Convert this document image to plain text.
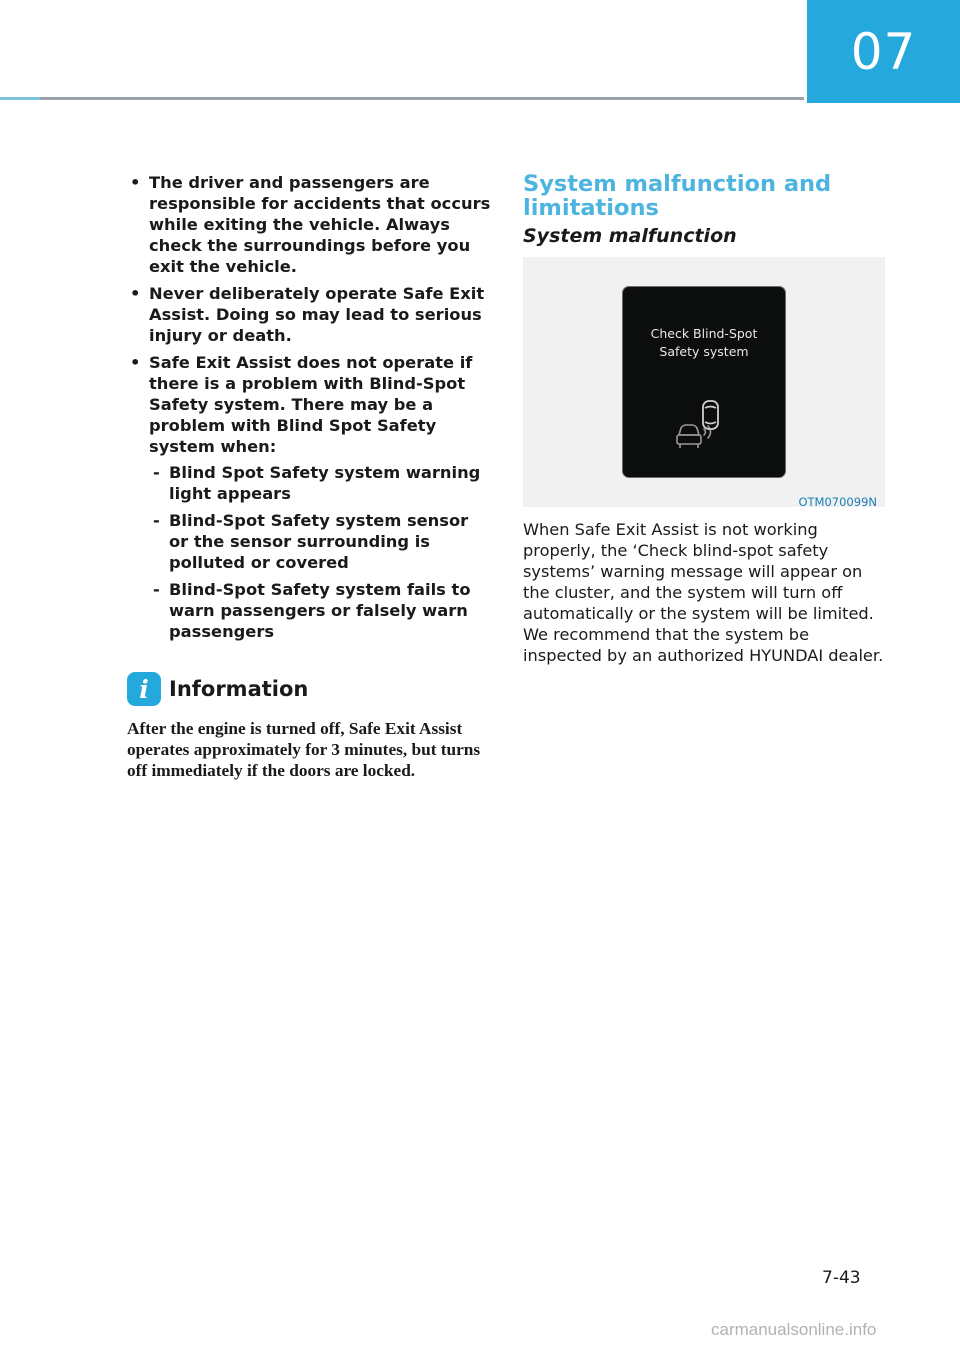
07
• The driver and passengers are responsible for accidents that occurs while exiting the vehicle. Always check the surroundings before you exit the vehicle.
• Never deliberately operate Safe Exit Assist. Doing so may lead to serious injury or death.
• Safe Exit Assist does not operate if there is a problem with Blind-Spot Safety system. There may be a problem with Blind Spot Safety system when:
- Blind Spot Safety system warning light appears
- Blind-Spot Safety system sensor or the sensor surrounding is polluted or covered
- Blind-Spot Safety system fails to warn passengers or falsely warn passengers
i Information
After the engine is turned off, Safe Exit Assist operates approximately for 3 minutes, but turns off immediately if the doors are locked.
System malfunction and limitations
System malfunction
Check Blind-Spot
Safety system
OTM070099N
When Safe Exit Assist is not working properly, the ‘Check blind-spot safety systems’ warning message will appear on the cluster, and the system will turn off automatically or the system will be limited. We recommend that the system be inspected by an authorized HYUNDAI dealer.
7-43
carmanualsonline.info
